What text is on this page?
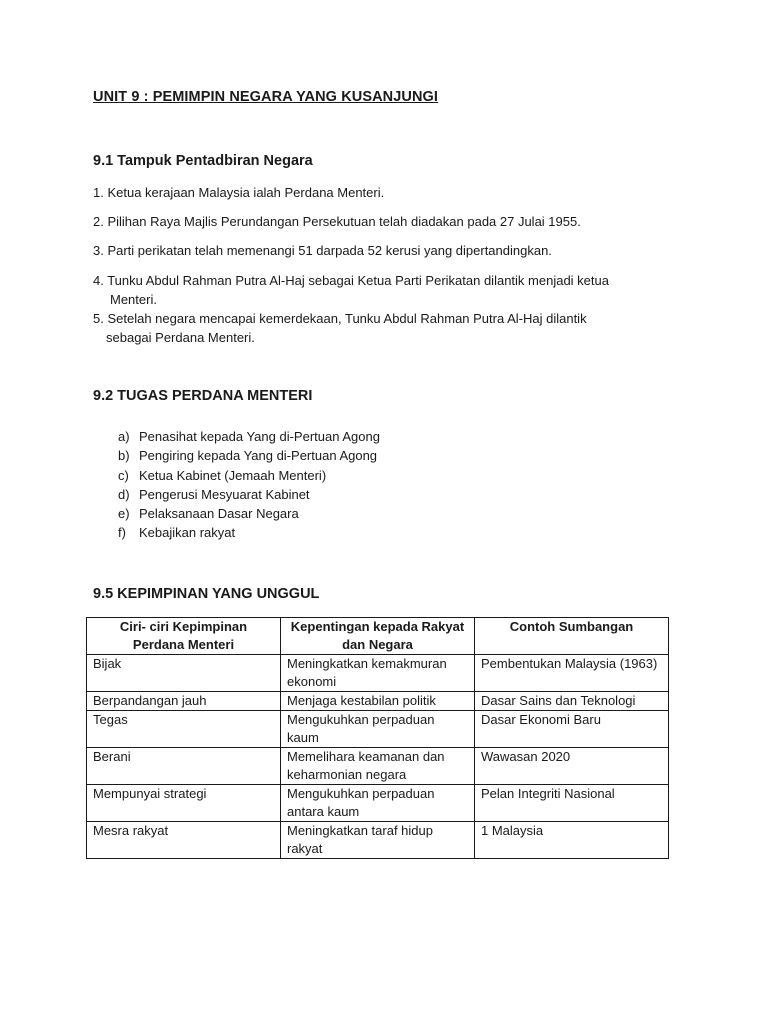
UNIT 9 : PEMIMPIN NEGARA YANG KUSANJUNGI
9.1 Tampuk Pentadbiran Negara
1. Ketua kerajaan Malaysia ialah Perdana Menteri.
2. Pilihan Raya Majlis Perundangan Persekutuan telah diadakan pada 27 Julai 1955.
3. Parti perikatan telah memenangi 51 darpada 52 kerusi yang dipertandingkan.
4. Tunku Abdul Rahman Putra Al-Haj sebagai Ketua Parti Perikatan dilantik menjadi ketua
Menteri.
5. Setelah negara mencapai kemerdekaan, Tunku Abdul Rahman Putra Al-Haj dilantik
sebagai Perdana Menteri.
9.2 TUGAS PERDANA MENTERI
a) Penasihat kepada Yang di-Pertuan Agong
b) Pengiring kepada Yang di-Pertuan Agong
c) Ketua Kabinet (Jemaah Menteri)
d) Pengerusi Mesyuarat Kabinet
e) Pelaksanaan Dasar Negara
f) Kebajikan rakyat
9.5 KEPIMPINAN YANG UNGGUL
Ciri- ciri Kepimpinan Perdana Menteri	Kepentingan kepada Rakyat dan Negara	Contoh Sumbangan
Bijak	Meningkatkan kemakmuran ekonomi	Pembentukan Malaysia (1963)
Berpandangan jauh	Menjaga kestabilan politik	Dasar Sains dan Teknologi
Tegas	Mengukuhkan perpaduan kaum	Dasar Ekonomi Baru
Berani	Memelihara keamanan dan keharmonian negara	Wawasan 2020
Mempunyai strategi	Mengukuhkan perpaduan antara kaum	Pelan Integriti Nasional
Mesra rakyat	Meningkatkan taraf hidup rakyat	1 Malaysia
